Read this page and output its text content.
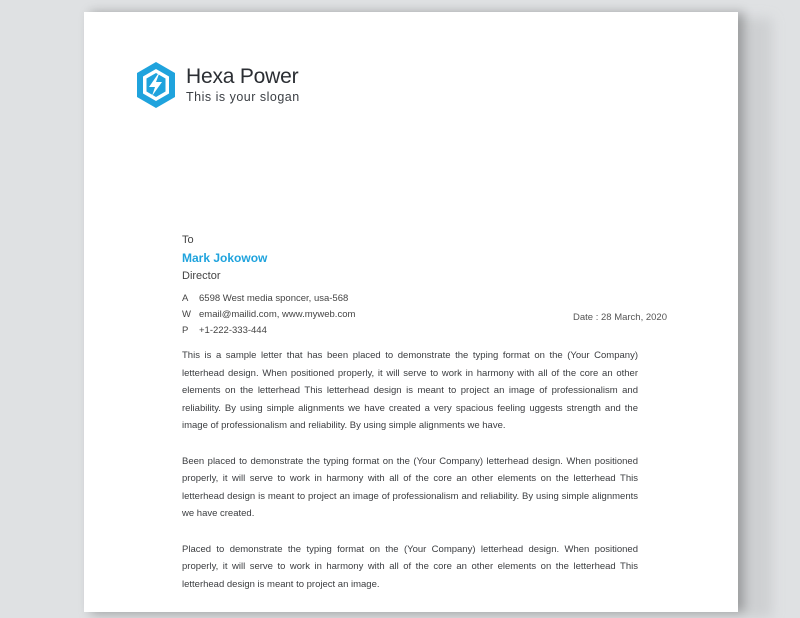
Hexa Power
This is your slogan
To
Mark Jokowow
Director
A	6598 West media sponcer, usa-568
W email@mailid.com, www.myweb.com
P	+1-222-333-444
Date : 28 March, 2020

This is a sample letter that has been placed to demonstrate the typing format on the (Your Company) letterhead design. When positioned properly, it will serve to work in harmony with all of the core an other elements on the letterhead This letterhead design is meant to project an image of professionalism and reliability. By using simple alignments we have created a very spacious feeling uggests strength and the image of professionalism and reliability. By using simple alignments we have.

Been placed to demonstrate the typing format on the (Your Company) letterhead design. When positioned properly, it will serve to work in harmony with all of the core an other elements on the letterhead This letterhead design is meant to project an image of professionalism and reliability. By using simple alignments we have created.

Placed to demonstrate the typing format on the (Your Company) letterhead design. When positioned properly, it will serve to work in harmony with all of the core an other elements on the letterhead This letterhead design is meant to project an image.
